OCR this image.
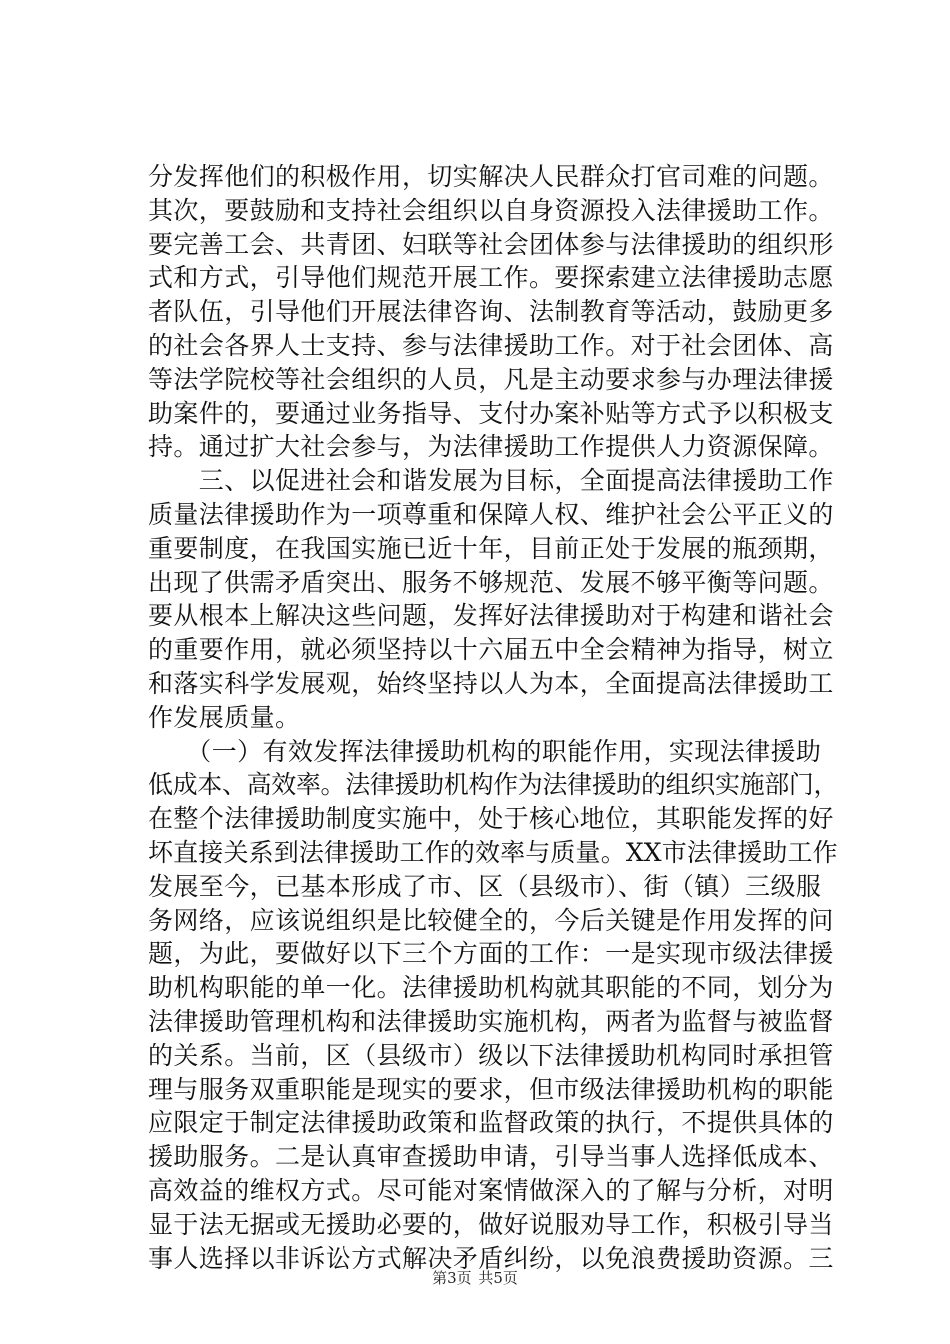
分发挥他们的积极作用，切实解决人民群众打官司难的问题。
其次，要鼓励和支持社会组织以自身资源投入法律援助工作。
要完善工会、共青团、妇联等社会团体参与法律援助的组织形
式和方式，引导他们规范开展工作。要探索建立法律援助志愿
者队伍，引导他们开展法律咨询、法制教育等活动，鼓励更多
的社会各界人士支持、参与法律援助工作。对于社会团体、高
等法学院校等社会组织的人员，凡是主动要求参与办理法律援
助案件的，要通过业务指导、支付办案补贴等方式予以积极支
持。通过扩大社会参与，为法律援助工作提供人力资源保障。
　　三、以促进社会和谐发展为目标，全面提高法律援助工作
质量法律援助作为一项尊重和保障人权、维护社会公平正义的
重要制度，在我国实施已近十年，目前正处于发展的瓶颈期，
出现了供需矛盾突出、服务不够规范、发展不够平衡等问题。
要从根本上解决这些问题，发挥好法律援助对于构建和谐社会
的重要作用，就必须坚持以十六届五中全会精神为指导，树立
和落实科学发展观，始终坚持以人为本，全面提高法律援助工
作发展质量。
　　（一）有效发挥法律援助机构的职能作用，实现法律援助
低成本、高效率。法律援助机构作为法律援助的组织实施部门，
在整个法律援助制度实施中，处于核心地位，其职能发挥的好
坏直接关系到法律援助工作的效率与质量。XX市法律援助工作
发展至今，已基本形成了市、区（县级市）、街（镇）三级服
务网络，应该说组织是比较健全的，今后关键是作用发挥的问
题，为此，要做好以下三个方面的工作：一是实现市级法律援
助机构职能的单一化。法律援助机构就其职能的不同，划分为
法律援助管理机构和法律援助实施机构，两者为监督与被监督
的关系。当前，区（县级市）级以下法律援助机构同时承担管
理与服务双重职能是现实的要求，但市级法律援助机构的职能
应限定于制定法律援助政策和监督政策的执行，不提供具体的
援助服务。二是认真审查援助申请，引导当事人选择低成本、
高效益的维权方式。尽可能对案情做深入的了解与分析，对明
显于法无据或无援助必要的，做好说服劝导工作，积极引导当
事人选择以非诉讼方式解决矛盾纠纷，以免浪费援助资源。三
第3页 共5页
